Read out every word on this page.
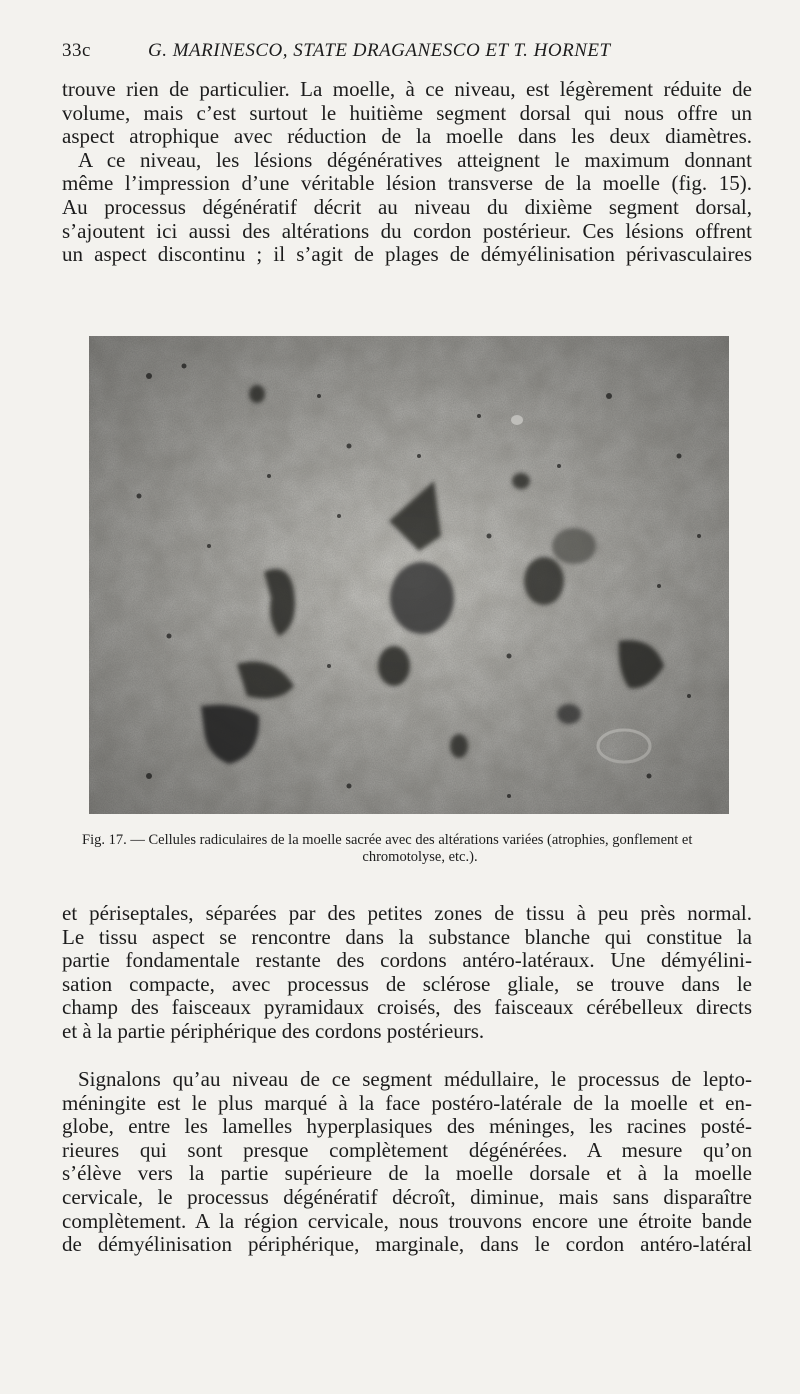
33с	G. MARINESCO, STATE DRAGANESCO ET T. HORNET
trouve rien de particulier. La moelle, à ce niveau, est légèrement réduite de
volume, mais c’est surtout le huitième segment dorsal qui nous offre un
aspect atrophique avec réduction de la moelle dans les deux diamètres.
A ce niveau, les lésions dégénératives atteignent le maximum donnant
même l’impression d’une véritable lésion transverse de la moelle (fig. 15).
Au processus dégénératif décrit au niveau du dixième segment dorsal,
s’ajoutent ici aussi des altérations du cordon postérieur. Ces lésions offrent
un aspect discontinu ; il s’agit de plages de démyélinisation périvasculaires
Fig. 17. — Cellules radiculaires de la moelle sacrée avec des altérations variées (atrophies, gonflement et
chromotolyse, etc.).
et périseptales, séparées par des petites zones de tissu à peu près normal.
Le tissu aspect se rencontre dans la substance blanche qui constitue la
partie fondamentale restante des cordons antéro-latéraux. Une démyélini-
sation compacte, avec processus de sclérose gliale, se trouve dans le
champ des faisceaux pyramidaux croisés, des faisceaux cérébelleux directs
et à la partie périphérique des cordons postérieurs.
Signalons qu’au niveau de ce segment médullaire, le processus de lepto-
méningite est le plus marqué à la face postéro-latérale de la moelle et en-
globe, entre les lamelles hyperplasiques des méninges, les racines posté-
rieures qui sont presque complètement dégénérées. A mesure qu’on
s’élève vers la partie supérieure de la moelle dorsale et à la moelle
cervicale, le processus dégénératif décroît, diminue, mais sans disparaître
complètement. A la région cervicale, nous trouvons encore une étroite bande
de démyélinisation périphérique, marginale, dans le cordon antéro-latéral
